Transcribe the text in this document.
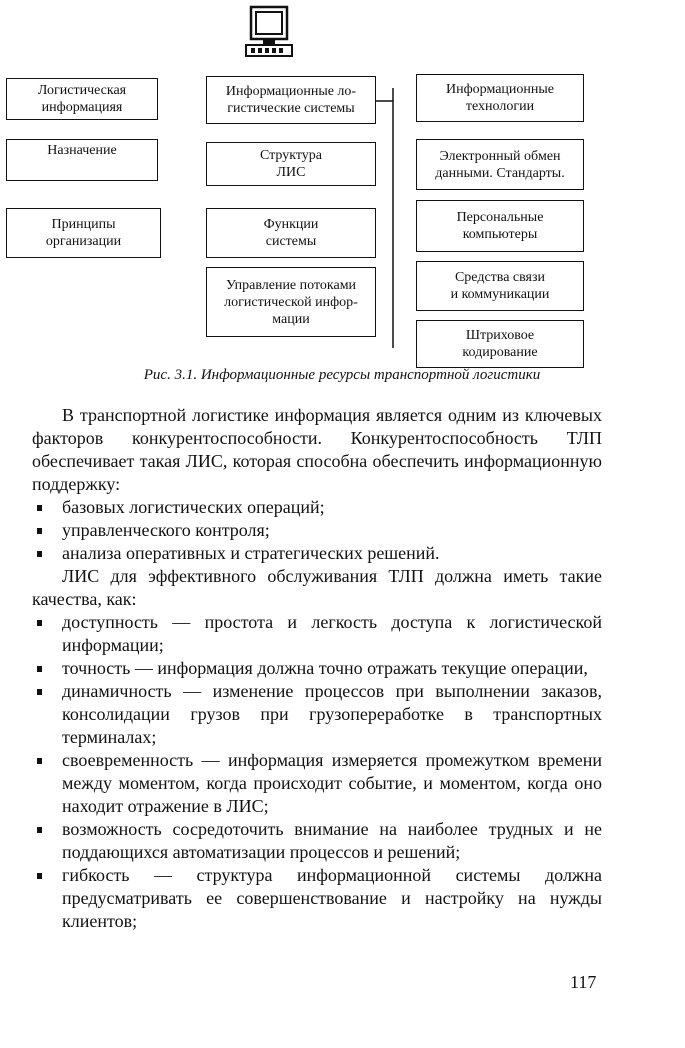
Логистическая
информацияя
Назначение
Принципы
организации
Информационные ло-
гистические системы
Структура
ЛИС
Функции
системы
Управление потоками
логистической инфор-
мации
Информационные
технологии
Электронный обмен
данными. Стандарты.
Персональные
компьютеры
Средства связи
и коммуникации
Штриховое
кодирование
Рис. 3.1. Информационные ресурсы транспортной логистики

В транспортной логистике информация является одним из ключевых факторов конкурентоспособности. Конкурентоспособность ТЛП обеспечивает такая ЛИС, которая способна обеспечить информационную поддержку:

базовых логистических операций;
управленческого контроля;
анализа оперативных и стратегических решений.

ЛИС для эффективного обслуживания ТЛП должна иметь такие качества, как:

доступность — простота и легкость доступа к логистической информации;
точность — информация должна точно отражать текущие операции,
динамичность — изменение процессов при выполнении заказов, консолидации грузов при грузопереработке в транспортных терминалах;
своевременность — информация измеряется промежутком времени между моментом, когда происходит событие, и моментом, когда оно находит отражение в ЛИС;
возможность сосредоточить внимание на наиболее трудных и не поддающихся автоматизации процессов и решений;
гибкость — структура информационной системы должна предусматривать ее совершенствование и настройку на нужды клиентов;
117
